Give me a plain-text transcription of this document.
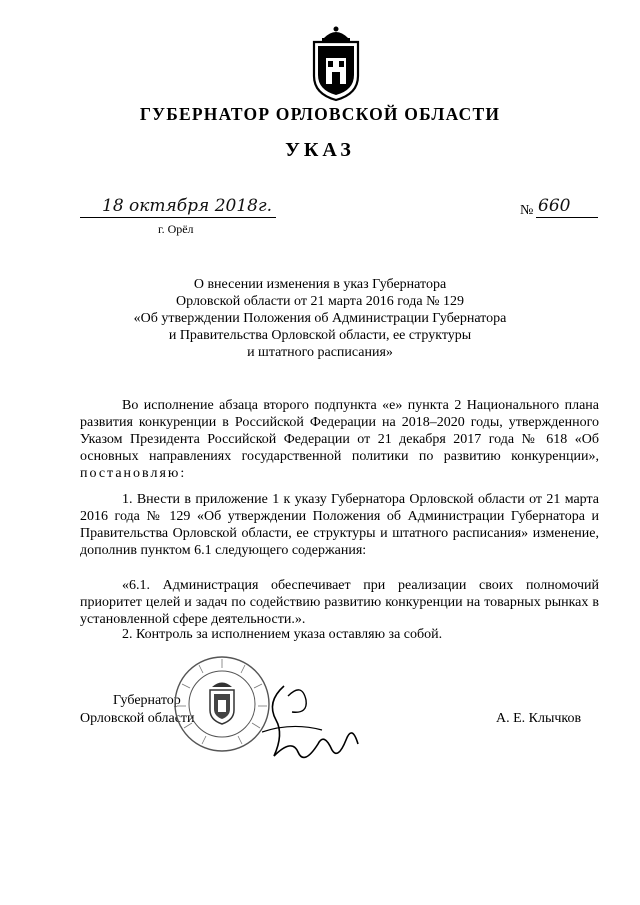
ГУБЕРНАТОР ОРЛОВСКОЙ ОБЛАСТИ
УКАЗ
18 октября 2018г.
г. Орёл
№ 660
О внесении изменения в указ Губернатора
Орловской области от 21 марта 2016 года № 129
«Об утверждении Положения об Администрации Губернатора
и Правительства Орловской области, ее структуры
и штатного расписания»

Во исполнение абзаца второго подпункта «е» пункта 2 Национального плана развития конкуренции в Российской Федерации на 2018–2020 годы, утвержденного Указом Президента Российской Федерации от 21 декабря 2017 года № 618 «Об основных направлениях государственной политики по развитию конкуренции», постановляю:

1. Внести в приложение 1 к указу Губернатора Орловской области от 21 марта 2016 года № 129 «Об утверждении Положения об Администрации Губернатора и Правительства Орловской области, ее структуры и штатного расписания» изменение, дополнив пунктом 6.1 следующего содержания:

«6.1. Администрация обеспечивает при реализации своих полномочий приоритет целей и задач по содействию развитию конкуренции на товарных рынках в установленной сфере деятельности.».
2. Контроль за исполнением указа оставляю за собой.
Губернатор
Орловской области	А. Е. Клычков
